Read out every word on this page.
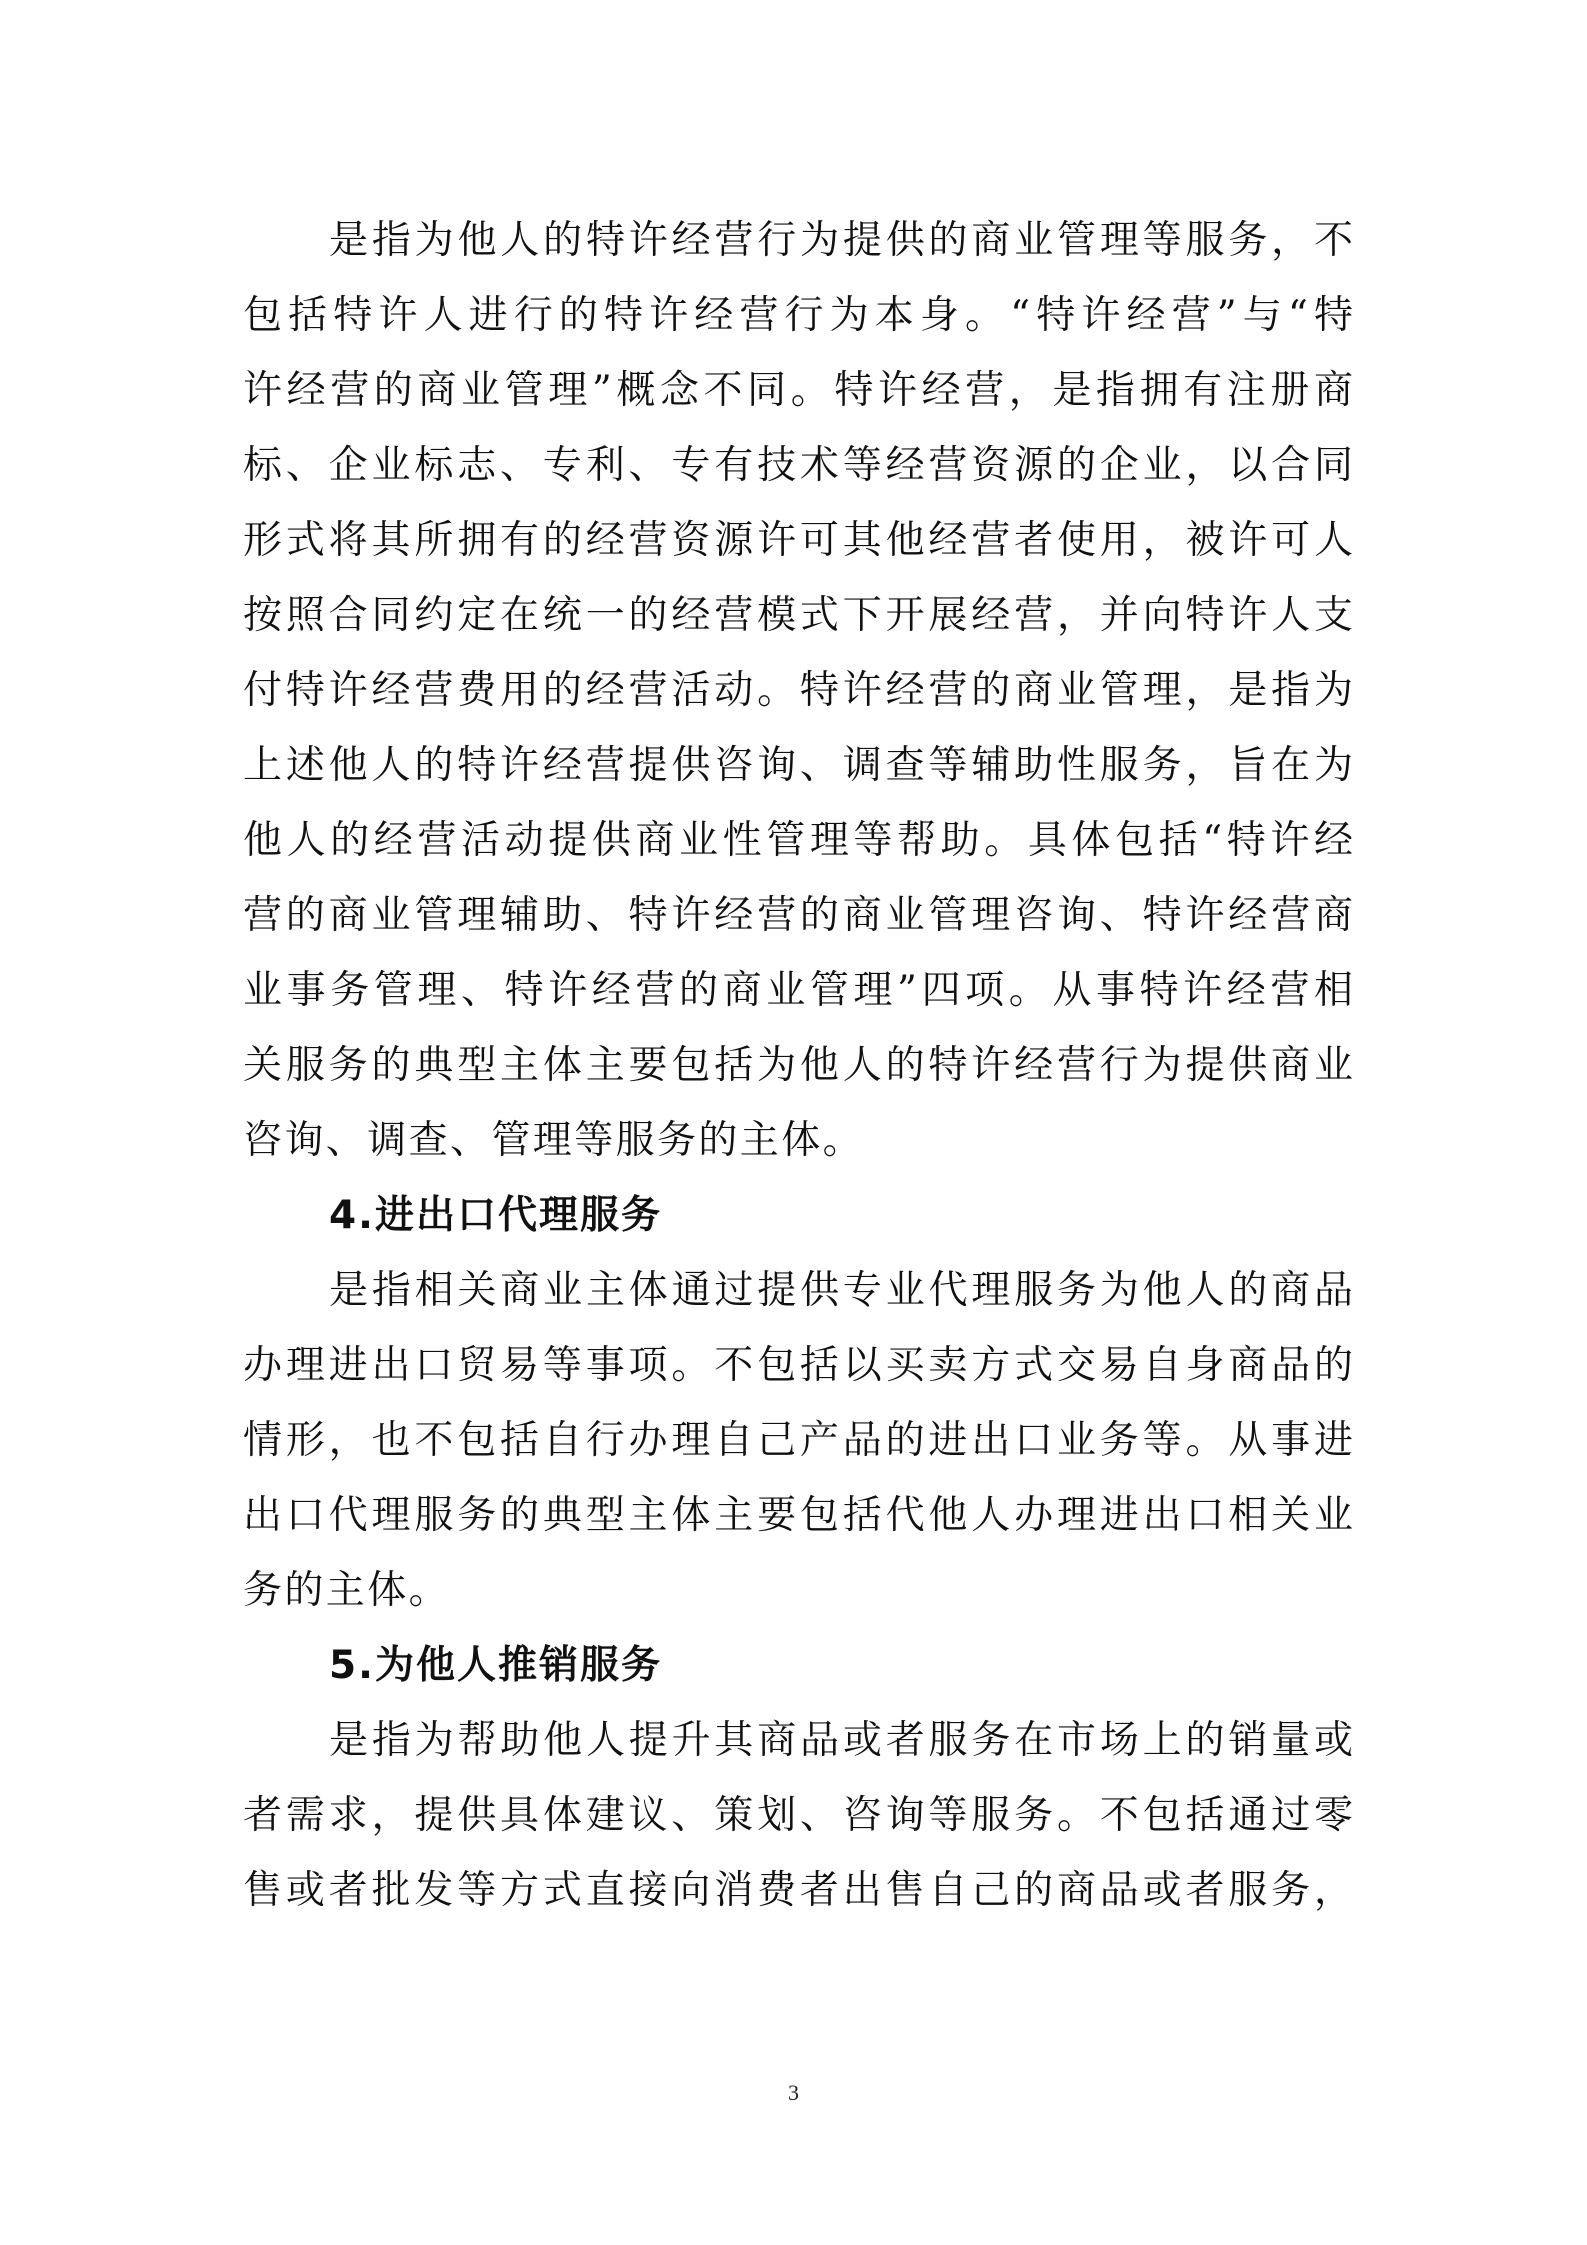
是指为他人的特许经营行为提供的商业管理等服务，不
包括特许人进行的特许经营行为本身。“特许经营”与“特
许经营的商业管理”概念不同。特许经营，是指拥有注册商
标、企业标志、专利、专有技术等经营资源的企业，以合同
形式将其所拥有的经营资源许可其他经营者使用，被许可人
按照合同约定在统一的经营模式下开展经营，并向特许人支
付特许经营费用的经营活动。特许经营的商业管理，是指为
上述他人的特许经营提供咨询、调查等辅助性服务，旨在为
他人的经营活动提供商业性管理等帮助。具体包括“特许经
营的商业管理辅助、特许经营的商业管理咨询、特许经营商
业事务管理、特许经营的商业管理”四项。从事特许经营相
关服务的典型主体主要包括为他人的特许经营行为提供商业
咨询、调查、管理等服务的主体。
4.进出口代理服务
是指相关商业主体通过提供专业代理服务为他人的商品
办理进出口贸易等事项。不包括以买卖方式交易自身商品的
情形，也不包括自行办理自己产品的进出口业务等。从事进
出口代理服务的典型主体主要包括代他人办理进出口相关业
务的主体。
5.为他人推销服务
是指为帮助他人提升其商品或者服务在市场上的销量或
者需求，提供具体建议、策划、咨询等服务。不包括通过零
售或者批发等方式直接向消费者出售自己的商品或者服务，
3
